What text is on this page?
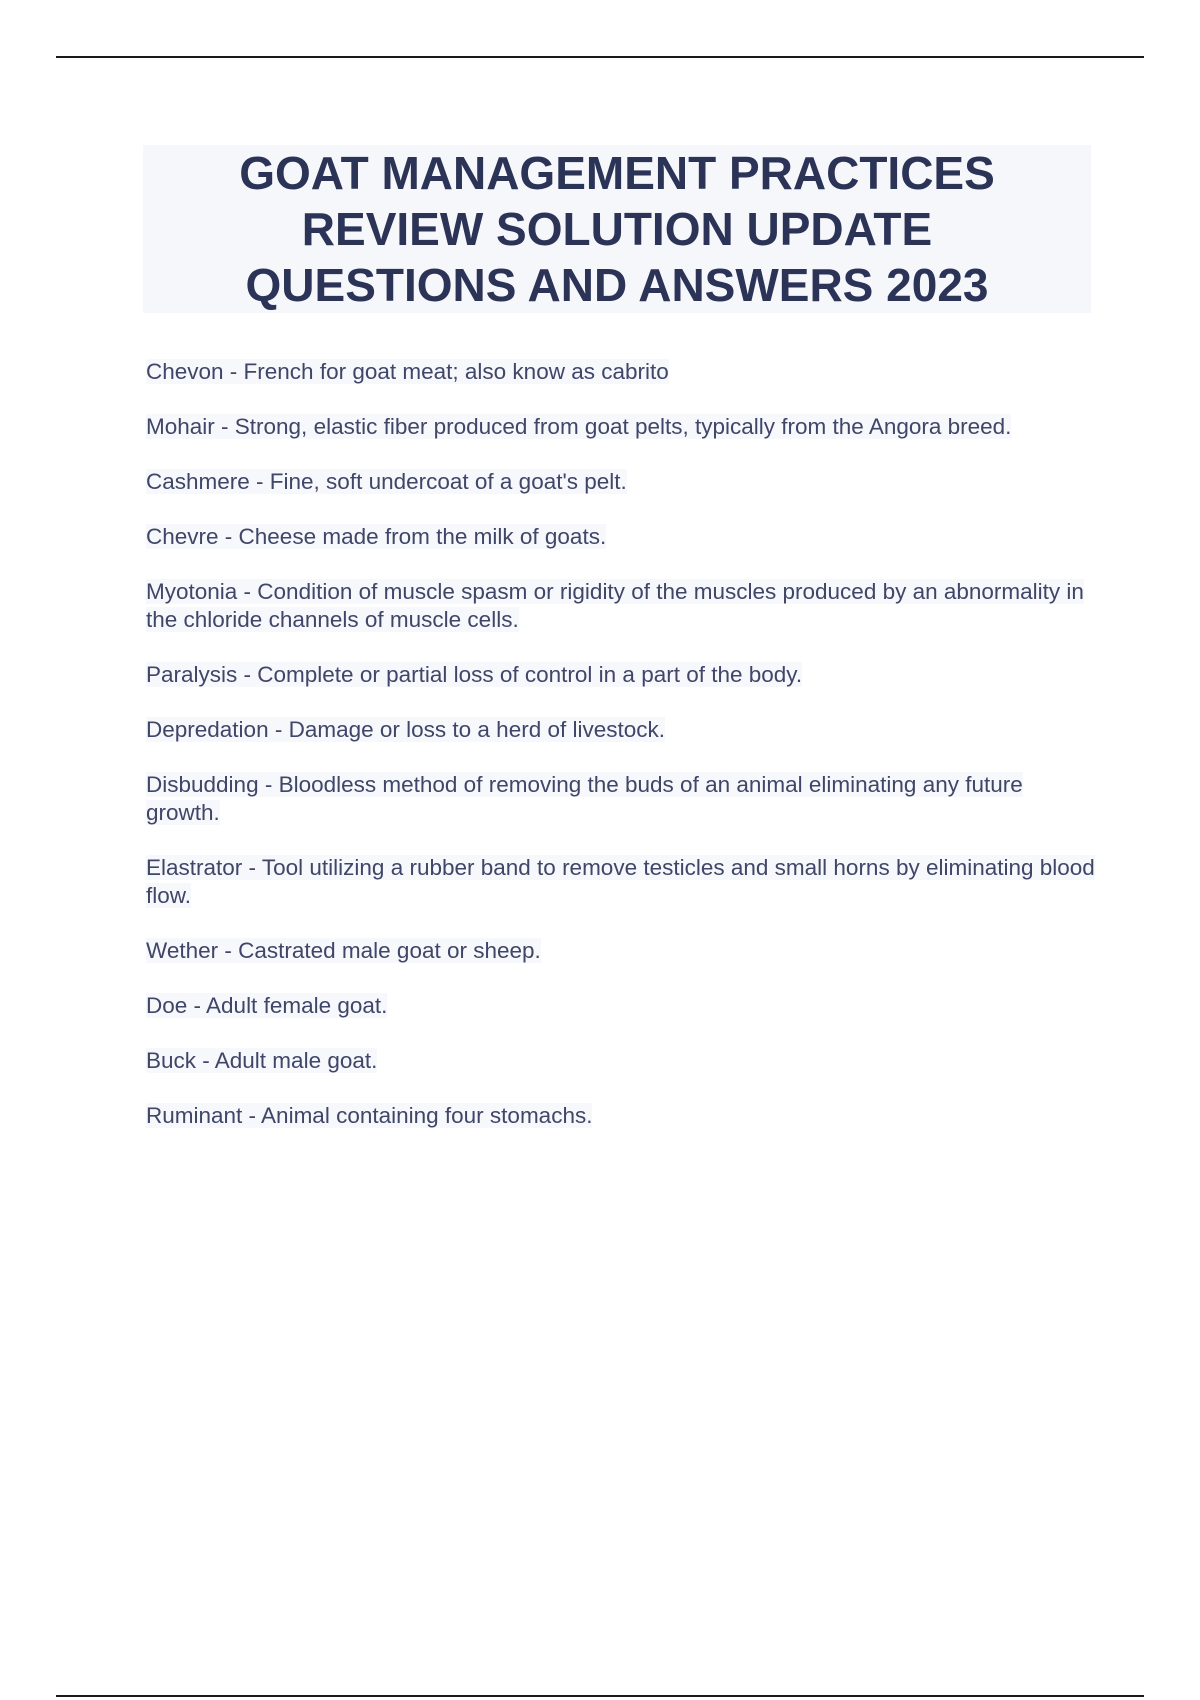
GOAT MANAGEMENT PRACTICES REVIEW SOLUTION UPDATE QUESTIONS AND ANSWERS 2023

Chevon - French for goat meat; also know as cabrito

Mohair - Strong, elastic fiber produced from goat pelts, typically from the Angora breed.

Cashmere - Fine, soft undercoat of a goat's pelt.

Chevre - Cheese made from the milk of goats.

Myotonia - Condition of muscle spasm or rigidity of the muscles produced by an abnormality in the chloride channels of muscle cells.

Paralysis - Complete or partial loss of control in a part of the body.

Depredation - Damage or loss to a herd of livestock.

Disbudding - Bloodless method of removing the buds of an animal eliminating any future growth.

Elastrator - Tool utilizing a rubber band to remove testicles and small horns by eliminating blood flow.

Wether - Castrated male goat or sheep.

Doe - Adult female goat.

Buck - Adult male goat.

Ruminant - Animal containing four stomachs.
